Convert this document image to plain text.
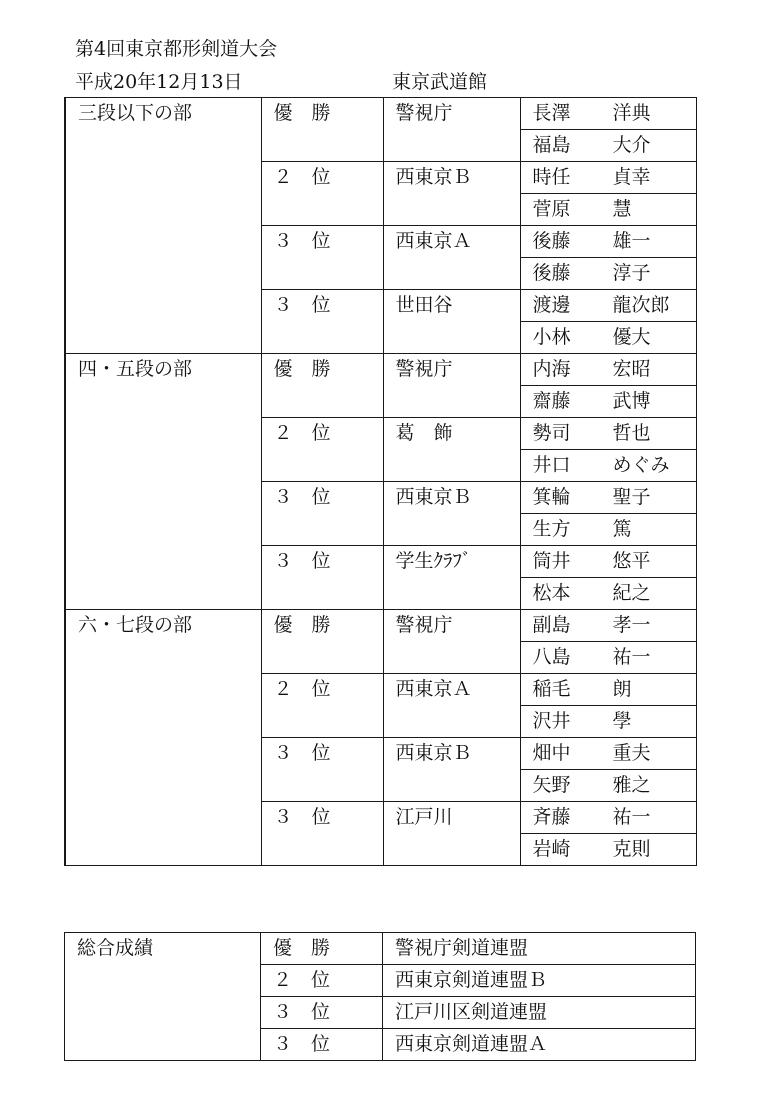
第4回東京都形剣道大会
平成20年12月13日	東京武道館
三段以下の部	優　勝	警視庁	長澤 洋典
			福島 大介
	２　位	西東京Ｂ	時任 貞幸
			菅原 慧
	３　位	西東京Ａ	後藤 雄一
			後藤 淳子
	３　位	世田谷	渡邊 龍次郎
			小林 優大
四・五段の部	優　勝	警視庁	内海 宏昭
			齋藤 武博
	２　位	葛　飾	勢司 哲也
			井口 めぐみ
	３　位	西東京Ｂ	箕輪 聖子
			生方 篤
	３　位	学生ｸﾗﾌﾞ	筒井 悠平
			松本 紀之
六・七段の部	優　勝	警視庁	副島 孝一
			八島 祐一
	２　位	西東京Ａ	稲毛 朗
			沢井 學
	３　位	西東京Ｂ	畑中 重夫
			矢野 雅之
	３　位	江戸川	斉藤 祐一
			岩崎 克則
総合成績	優　勝	警視庁剣道連盟
	２　位	西東京剣道連盟Ｂ
	３　位	江戸川区剣道連盟
	３　位	西東京剣道連盟Ａ
